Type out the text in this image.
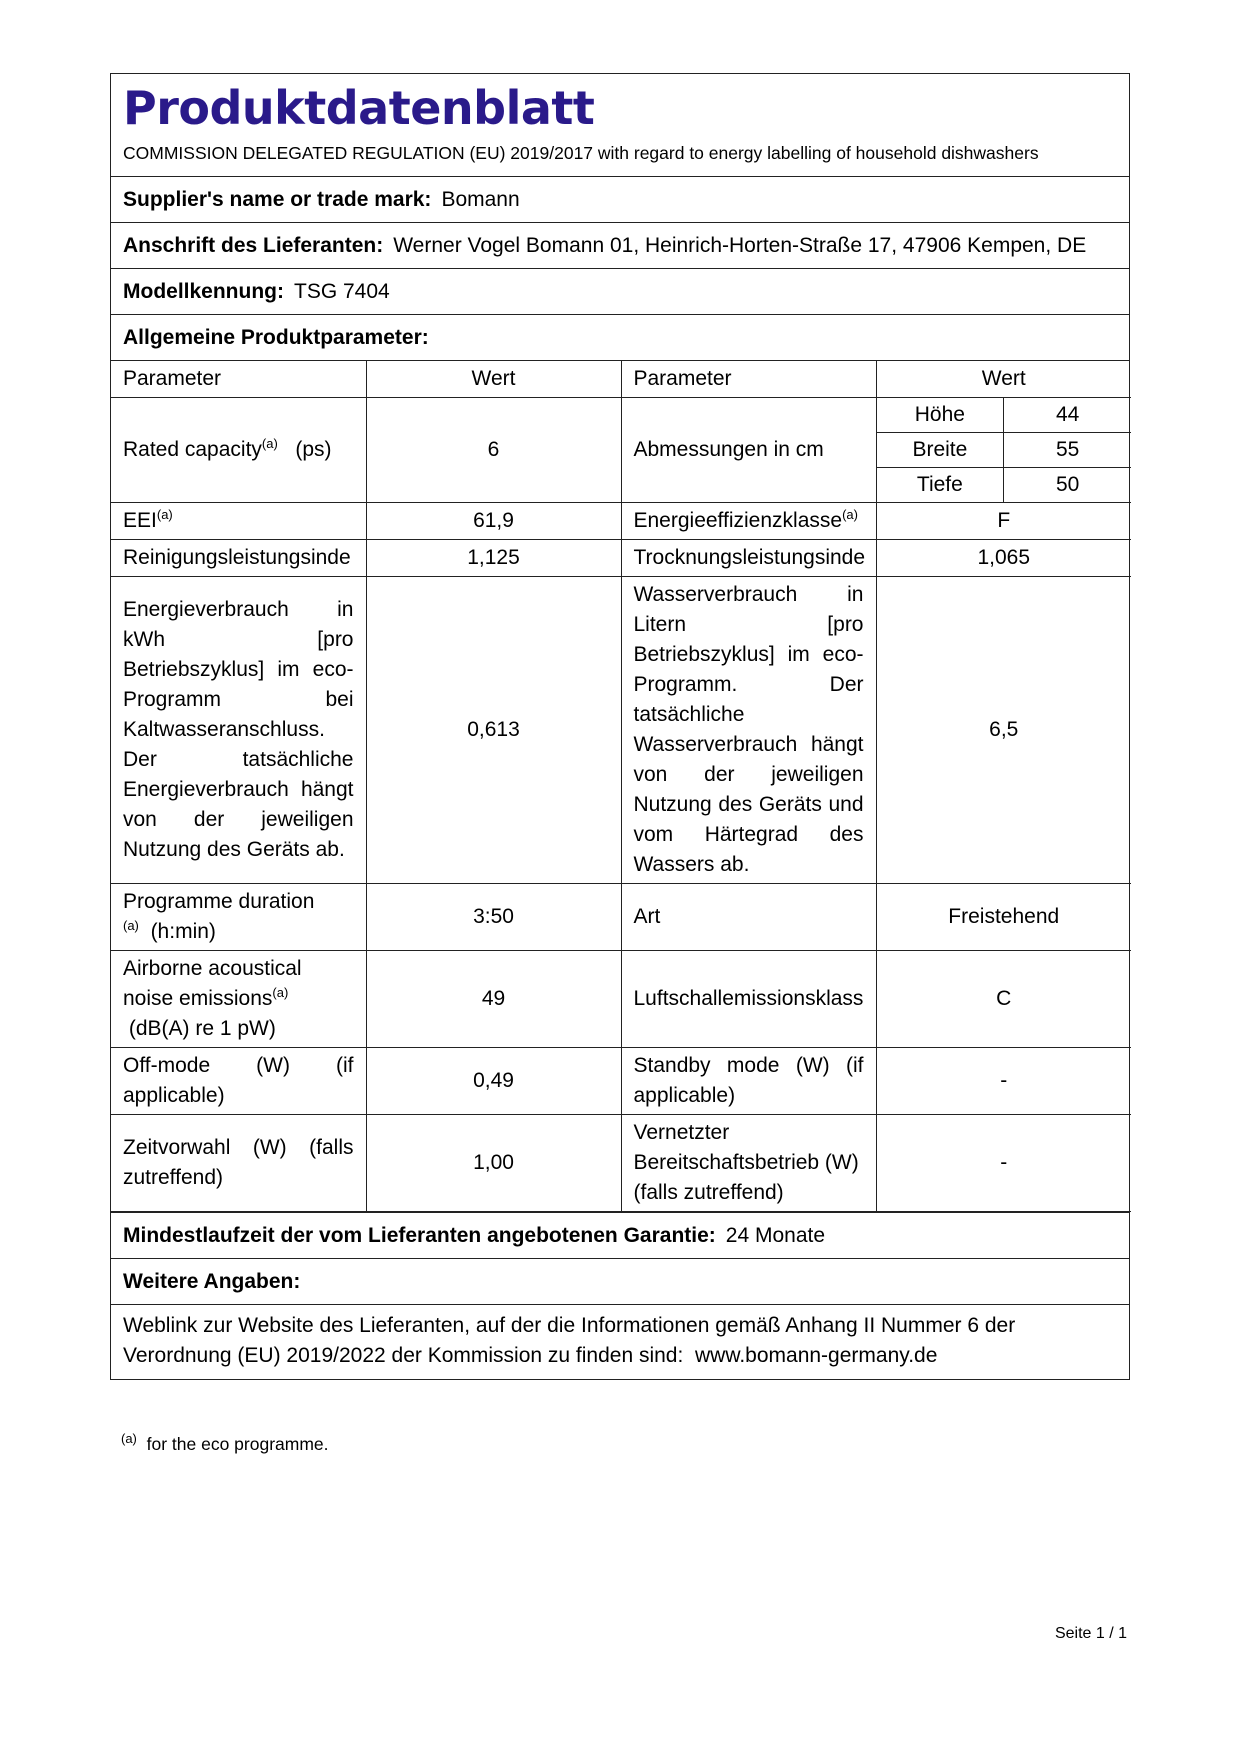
Produktdatenblatt
COMMISSION DELEGATED REGULATION (EU) 2019/2017 with regard to energy labelling of household dishwashers
Supplier's name or trade mark: Bomann
Anschrift des Lieferanten: Werner Vogel Bomann 01, Heinrich-Horten-Straße 17, 47906 Kempen, DE
Modellkennung: TSG 7404
Allgemeine Produktparameter:
Parameter	Wert	Parameter	Wert
Rated capacity$^{(a)}$ (ps)	6	Abmessungen in cm	
Höhe	44
Breite	55
Tiefe	50

EEI$^{(a)}$	61,9	Energieeffizienzklasse$^{(a)}$	F
Reinigungsleistungsinde	1,125	Trocknungsleistungsinde	1,065
Energieverbrauch in kWh [pro Betriebszyklus] im eco-Programm bei Kaltwasseranschluss. Der tatsächliche Energieverbrauch hängt von der jeweiligen Nutzung des Geräts ab.	0,613	Wasserverbrauch in Litern [pro Betriebszyklus] im eco-Programm. Der tatsächliche Wasserverbrauch hängt von der jeweiligen Nutzung des Geräts und vom Härtegrad des Wassers ab.	6,5
Programme duration
$^{(a)}$ (h:min)	3:50	Art	Freistehend
Airborne acoustical
noise emissions$^{(a)}$
(dB(A) re 1 pW)	49	Luftschallemissionsklass	C
Off-mode (W) (if applicable)	0,49	Standby mode (W) (if applicable)	-
Zeitvorwahl (W) (falls zutreffend)	1,00	Vernetzter Bereitschaftsbetrieb (W) (falls zutreffend)	-
Mindestlaufzeit der vom Lieferanten angebotenen Garantie: 24 Monate
Weitere Angaben:
Weblink zur Website des Lieferanten, auf der die Informationen gemäß Anhang II Nummer 6 der Verordnung (EU) 2019/2022 der Kommission zu finden sind: www.bomann-germany.de
$^{(a)}$ for the eco programme.
Seite 1 / 1
